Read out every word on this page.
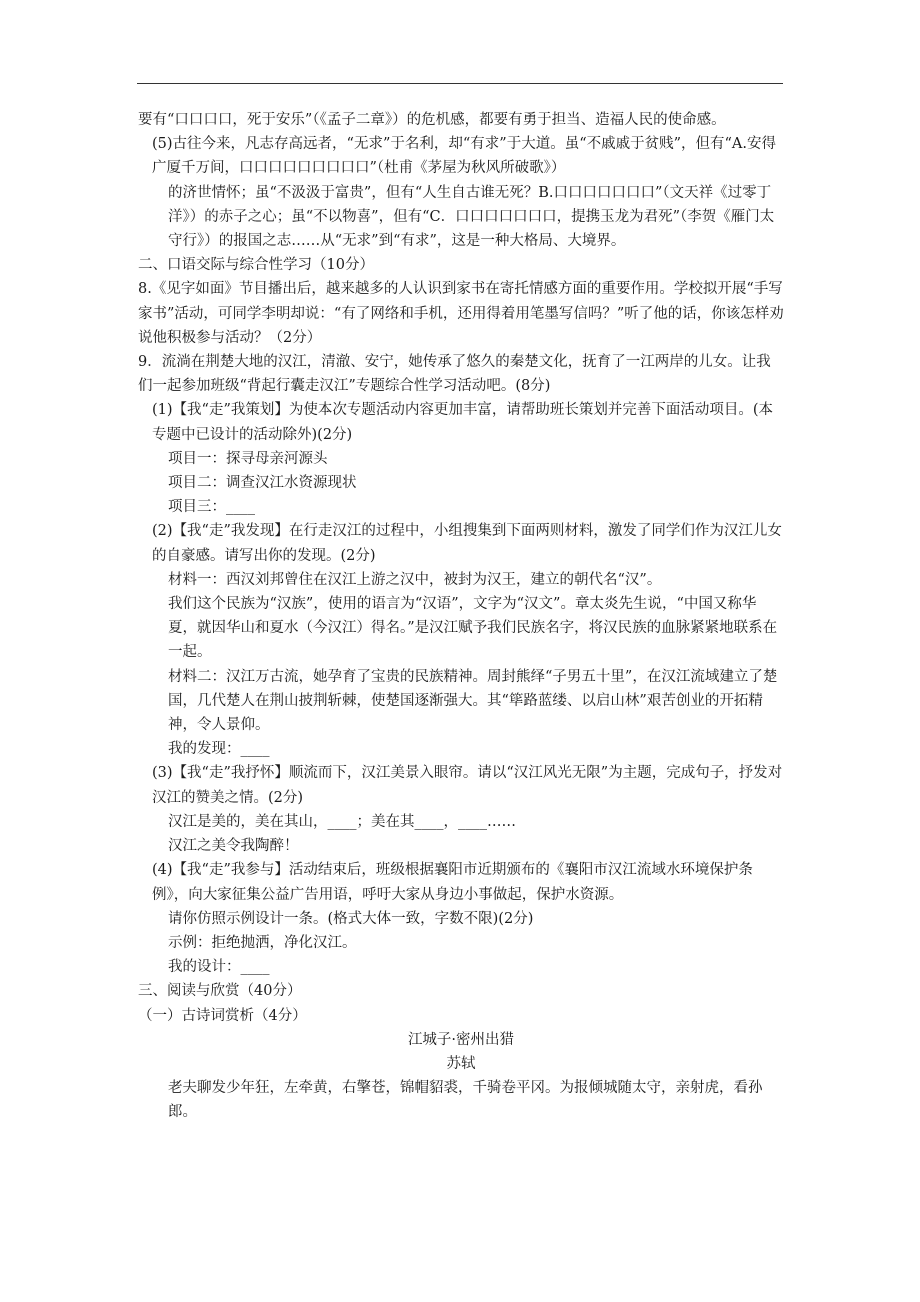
要有“口口口口，死于安乐”（《孟子二章》）的危机感，都要有勇于担当、造福人民的使命感。

(5)古往今来，凡志存高远者，“无求”于名利，却“有求”于大道。虽“不戚戚于贫贱”，但有“A.安得广厦千万间，口口口口口口口口口”（杜甫《茅屋为秋风所破歌》）

的济世情怀；虽“不汲汲于富贵”，但有“人生自古谁无死？B.口口口口口口口”（文天祥《过零丁洋》）的赤子之心；虽“不以物喜”，但有“C．口口口口口口口，提携玉龙为君死”（李贺《雁门太守行》）的报国之志……从“无求”到“有求”，这是一种大格局、大境界。

二、口语交际与综合性学习（10分）

8.《见字如面》节目播出后，越来越多的人认识到家书在寄托情感方面的重要作用。学校拟开展“手写家书”活动，可同学李明却说：“有了网络和手机，还用得着用笔墨写信吗？”听了他的话，你该怎样劝说他积极参与活动？（2分）

9．流淌在荆楚大地的汉江，清澈、安宁，她传承了悠久的秦楚文化，抚育了一江两岸的儿女。让我们一起参加班级“背起行囊走汉江”专题综合性学习活动吧。(8分)

(1)【我“走”我策划】为使本次专题活动内容更加丰富，请帮助班长策划并完善下面活动项目。(本专题中已设计的活动除外)(2分)

项目一：探寻母亲河源头

项目二：调查汉江水资源现状

项目三：____

(2)【我“走”我发现】在行走汉江的过程中，小组搜集到下面两则材料，激发了同学们作为汉江儿女的自豪感。请写出你的发现。(2分)

材料一：西汉刘邦曾住在汉江上游之汉中，被封为汉王，建立的朝代名“汉”。

我们这个民族为“汉族”，使用的语言为“汉语”，文字为“汉文”。章太炎先生说，“中国又称华夏，就因华山和夏水（今汉江）得名。”是汉江赋予我们民族名字，将汉民族的血脉紧紧地联系在一起。

材料二：汉江万古流，她孕育了宝贵的民族精神。周封熊绎“子男五十里”，在汉江流域建立了楚国，几代楚人在荆山披荆斩棘，使楚国逐渐强大。其“筚路蓝缕、以启山林”艰苦创业的开拓精神，令人景仰。

我的发现：____

(3)【我“走”我抒怀】顺流而下，汉江美景入眼帘。请以“汉江风光无限”为主题，完成句子，抒发对汉江的赞美之情。(2分)

汉江是美的，美在其山，____；美在其____，____……

汉江之美令我陶醉！

(4)【我“走”我参与】活动结束后，班级根据襄阳市近期颁布的《襄阳市汉江流域水环境保护条例》，向大家征集公益广告用语，呼吁大家从身边小事做起，保护水资源。

请你仿照示例设计一条。(格式大体一致，字数不限)(2分)

示例：拒绝抛洒，净化汉江。

我的设计：____

三、阅读与欣赏（40分）

（一）古诗词赏析（4分）

江城子·密州出猎

苏轼

老夫聊发少年狂，左牵黄，右擎苍，锦帽貂裘，千骑卷平冈。为报倾城随太守，亲射虎，看孙郎。
